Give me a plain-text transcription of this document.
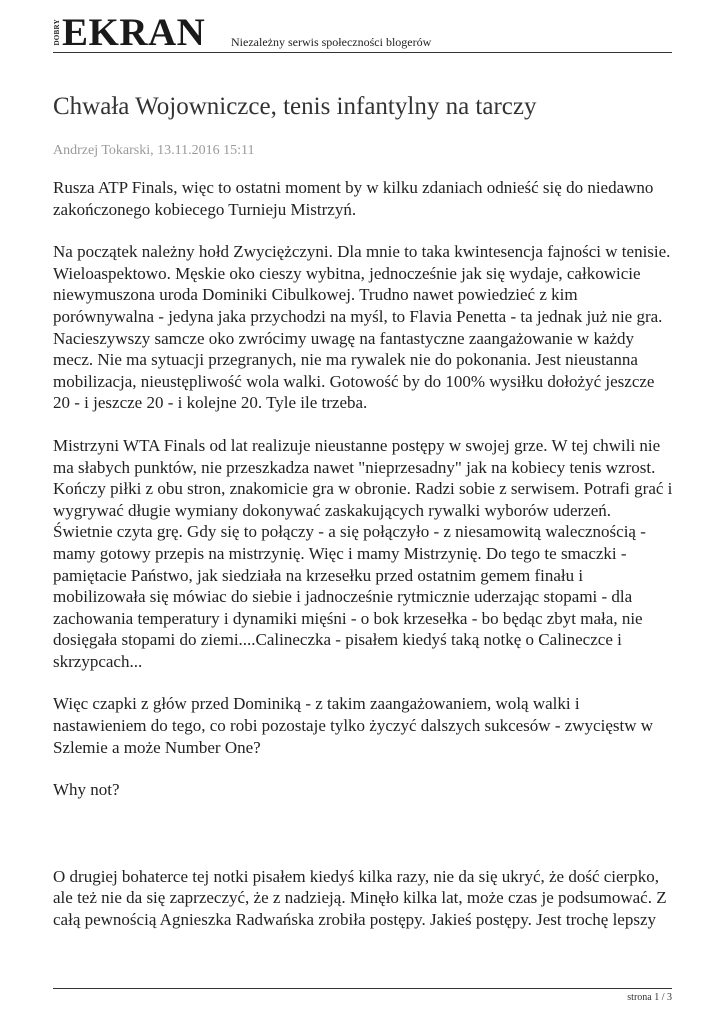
DOBRY EKRAN Niezależny serwis społeczności blogerów
Chwała Wojowniczce, tenis infantylny na tarczy
Andrzej Tokarski, 13.11.2016 15:11

Rusza ATP Finals, więc to ostatni moment by w kilku zdaniach odnieść się do niedawno zakończonego kobiecego Turnieju Mistrzyń.

Na początek należny hołd Zwyciężczyni. Dla mnie to taka kwintesencja fajności w tenisie. Wieloaspektowo. Męskie oko cieszy wybitna, jednocześnie jak się wydaje, całkowicie niewymuszona uroda Dominiki Cibulkowej. Trudno nawet powiedzieć z kim porównywalna - jedyna jaka przychodzi na myśl, to Flavia Penetta - ta jednak już nie gra. Nacieszywszy samcze oko zwrócimy uwagę na fantastyczne zaangażowanie w każdy mecz. Nie ma sytuacji przegranych, nie ma rywalek nie do pokonania. Jest nieustanna mobilizacja, nieustępliwość wola walki. Gotowość by do 100% wysiłku dołożyć jeszcze 20 - i jeszcze 20 - i kolejne 20. Tyle ile trzeba.

Mistrzyni WTA Finals od lat realizuje nieustanne postępy w swojej grze. W tej chwili nie ma słabych punktów, nie przeszkadza nawet "nieprzesadny" jak na kobiecy tenis wzrost. Kończy piłki z obu stron, znakomicie gra w obronie. Radzi sobie z serwisem. Potrafi grać i wygrywać długie wymiany dokonywać zaskakujących rywalki wyborów uderzeń. Świetnie czyta grę. Gdy się to połączy - a się połączyło - z niesamowitą walecznością - mamy gotowy przepis na mistrzynię. Więc i mamy Mistrzynię. Do tego te smaczki - pamiętacie Państwo, jak siedziała na krzesełku przed ostatnim gemem finału i mobilizowała się mówiac do siebie i jadnocześnie rytmicznie uderzając stopami - dla zachowania temperatury i dynamiki mięśni - o bok krzesełka - bo będąc zbyt mała, nie dosięgała stopami do ziemi....Calineczka - pisałem kiedyś taką notkę o Calineczce i skrzypcach...

Więc czapki z głów przed Dominiką - z takim zaangażowaniem, wolą walki i nastawieniem do tego, co robi pozostaje tylko życzyć dalszych sukcesów - zwycięstw w Szlemie a może Number One?

Why not?

O drugiej bohaterce tej notki pisałem kiedyś kilka razy, nie da się ukryć, że dość cierpko, ale też nie da się zaprzeczyć, że z nadzieją. Minęło kilka lat, może czas je podsumować. Z całą pewnością Agnieszka Radwańska zrobiła postępy. Jakieś postępy. Jest trochę lepszy

strona 1 / 3
